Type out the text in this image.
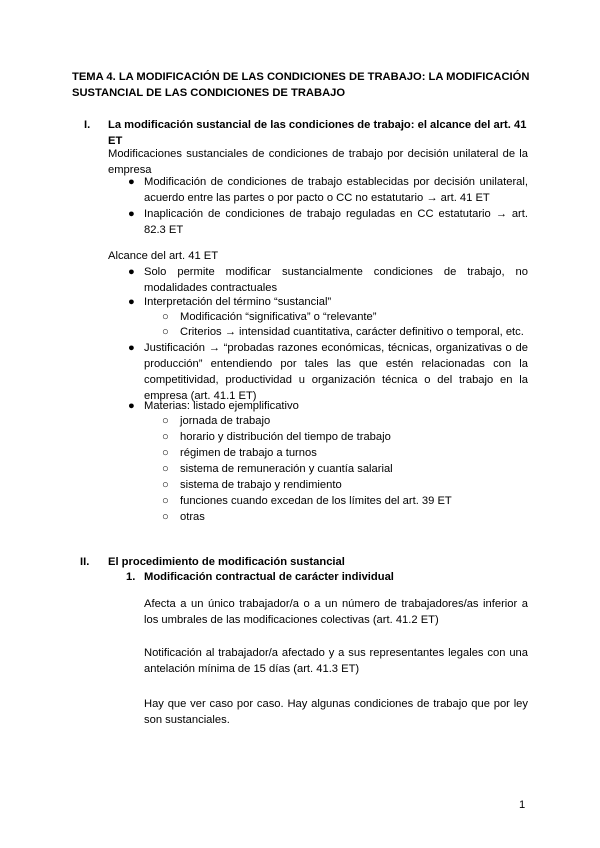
TEMA 4. LA MODIFICACIÓN DE LAS CONDICIONES DE TRABAJO: LA MODIFICACIÓN SUSTANCIAL DE LAS CONDICIONES DE TRABAJO
I. La modificación sustancial de las condiciones de trabajo: el alcance del art. 41 ET
Modificaciones sustanciales de condiciones de trabajo por decisión unilateral de la empresa
● Modificación de condiciones de trabajo establecidas por decisión unilateral, acuerdo entre las partes o por pacto o CC no estatutario → art. 41 ET
● Inaplicación de condiciones de trabajo reguladas en CC estatutario → art. 82.3 ET
Alcance del art. 41 ET
● Solo permite modificar sustancialmente condiciones de trabajo, no modalidades contractuales
● Interpretación del término “sustancial”
○ Modificación “significativa” o “relevante”
○ Criterios → intensidad cuantitativa, carácter definitivo o temporal, etc.
● Justificación → “probadas razones económicas, técnicas, organizativas o de producción” entendiendo por tales las que estén relacionadas con la competitividad, productividad u organización técnica o del trabajo en la empresa (art. 41.1 ET)
● Materias: listado ejemplificativo
○ jornada de trabajo
○ horario y distribución del tiempo de trabajo
○ régimen de trabajo a turnos
○ sistema de remuneración y cuantía salarial
○ sistema de trabajo y rendimiento
○ funciones cuando excedan de los límites del art. 39 ET
○ otras
II. El procedimiento de modificación sustancial
1. Modificación contractual de carácter individual
Afecta a un único trabajador/a o a un número de trabajadores/as inferior a los umbrales de las modificaciones colectivas (art. 41.2 ET)
Notificación al trabajador/a afectado y a sus representantes legales con una antelación mínima de 15 días (art. 41.3 ET)
Hay que ver caso por caso. Hay algunas condiciones de trabajo que por ley son sustanciales.
1
